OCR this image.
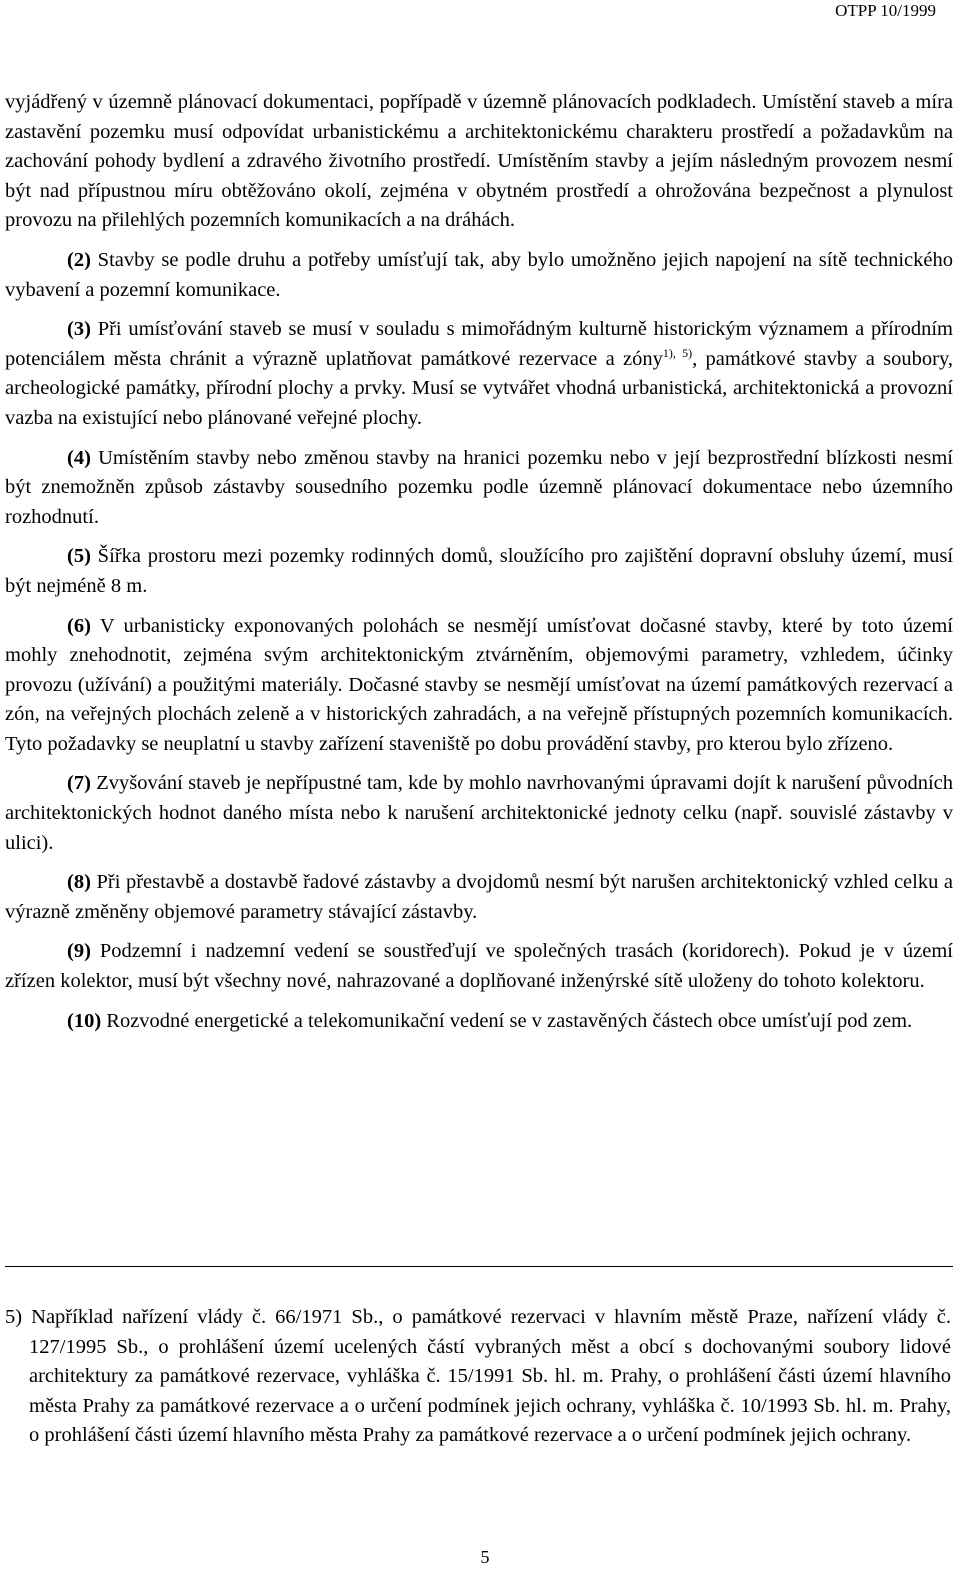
OTPP 10/1999

vyjádřený v územně plánovací dokumentaci, popřípadě v územně plánovacích podkladech. Umístění staveb a míra zastavění pozemku musí odpovídat urbanistickému a architektonickému charakteru prostředí a požadavkům na zachování pohody bydlení a zdravého životního prostředí. Umístěním stavby a jejím následným provozem nesmí být nad přípustnou míru obtěžováno okolí, zejména v obytném prostředí a ohrožována bezpečnost a plynulost provozu na přilehlých pozemních komunikacích a na dráhách.

(2) Stavby se podle druhu a potřeby umísťují tak, aby bylo umožněno jejich napojení na sítě technického vybavení a pozemní komunikace.

(3) Při umísťování staveb se musí v souladu s mimořádným kulturně historickým významem a přírodním potenciálem města chránit a výrazně uplatňovat památkové rezervace a zóny$^{1), 5)}$, památkové stavby a soubory, archeologické památky, přírodní plochy a prvky. Musí se vytvářet vhodná urbanistická, architektonická a provozní vazba na existující nebo plánované veřejné plochy.

(4) Umístěním stavby nebo změnou stavby na hranici pozemku nebo v její bezprostřední blízkosti nesmí být znemožněn způsob zástavby sousedního pozemku podle územně plánovací dokumentace nebo územního rozhodnutí.

(5) Šířka prostoru mezi pozemky rodinných domů, sloužícího pro zajištění dopravní obsluhy území, musí být nejméně 8 m.

(6) V urbanisticky exponovaných polohách se nesmějí umísťovat dočasné stavby, které by toto území mohly znehodnotit, zejména svým architektonickým ztvárněním, objemovými parametry, vzhledem, účinky provozu (užívání) a použitými materiály. Dočasné stavby se nesmějí umísťovat na území památkových rezervací a zón, na veřejných plochách zeleně a v historických zahradách, a na veřejně přístupných pozemních komunikacích. Tyto požadavky se neuplatní u stavby zařízení staveniště po dobu provádění stavby, pro kterou bylo zřízeno.

(7) Zvyšování staveb je nepřípustné tam, kde by mohlo navrhovanými úpravami dojít k narušení původních architektonických hodnot daného místa nebo k narušení architektonické jednoty celku (např. souvislé zástavby v ulici).

(8) Při přestavbě a dostavbě řadové zástavby a dvojdomů nesmí být narušen architektonický vzhled celku a výrazně změněny objemové parametry stávající zástavby.

(9) Podzemní i nadzemní vedení se soustřeďují ve společných trasách (koridorech). Pokud je v území zřízen kolektor, musí být všechny nové, nahrazované a doplňované inženýrské sítě uloženy do tohoto kolektoru.

(10) Rozvodné energetické a telekomunikační vedení se v zastavěných částech obce umísťují pod zem.

5) Například nařízení vlády č. 66/1971 Sb., o památkové rezervaci v hlavním městě Praze, nařízení vlády č. 127/1995 Sb., o prohlášení území ucelených částí vybraných měst a obcí s dochovanými soubory lidové architektury za památkové rezervace, vyhláška č. 15/1991 Sb. hl. m. Prahy, o prohlášení části území hlavního města Prahy za památkové rezervace a o určení podmínek jejich ochrany, vyhláška č. 10/1993 Sb. hl. m. Prahy, o prohlášení části území hlavního města Prahy za památkové rezervace a o určení podmínek jejich ochrany.
5
